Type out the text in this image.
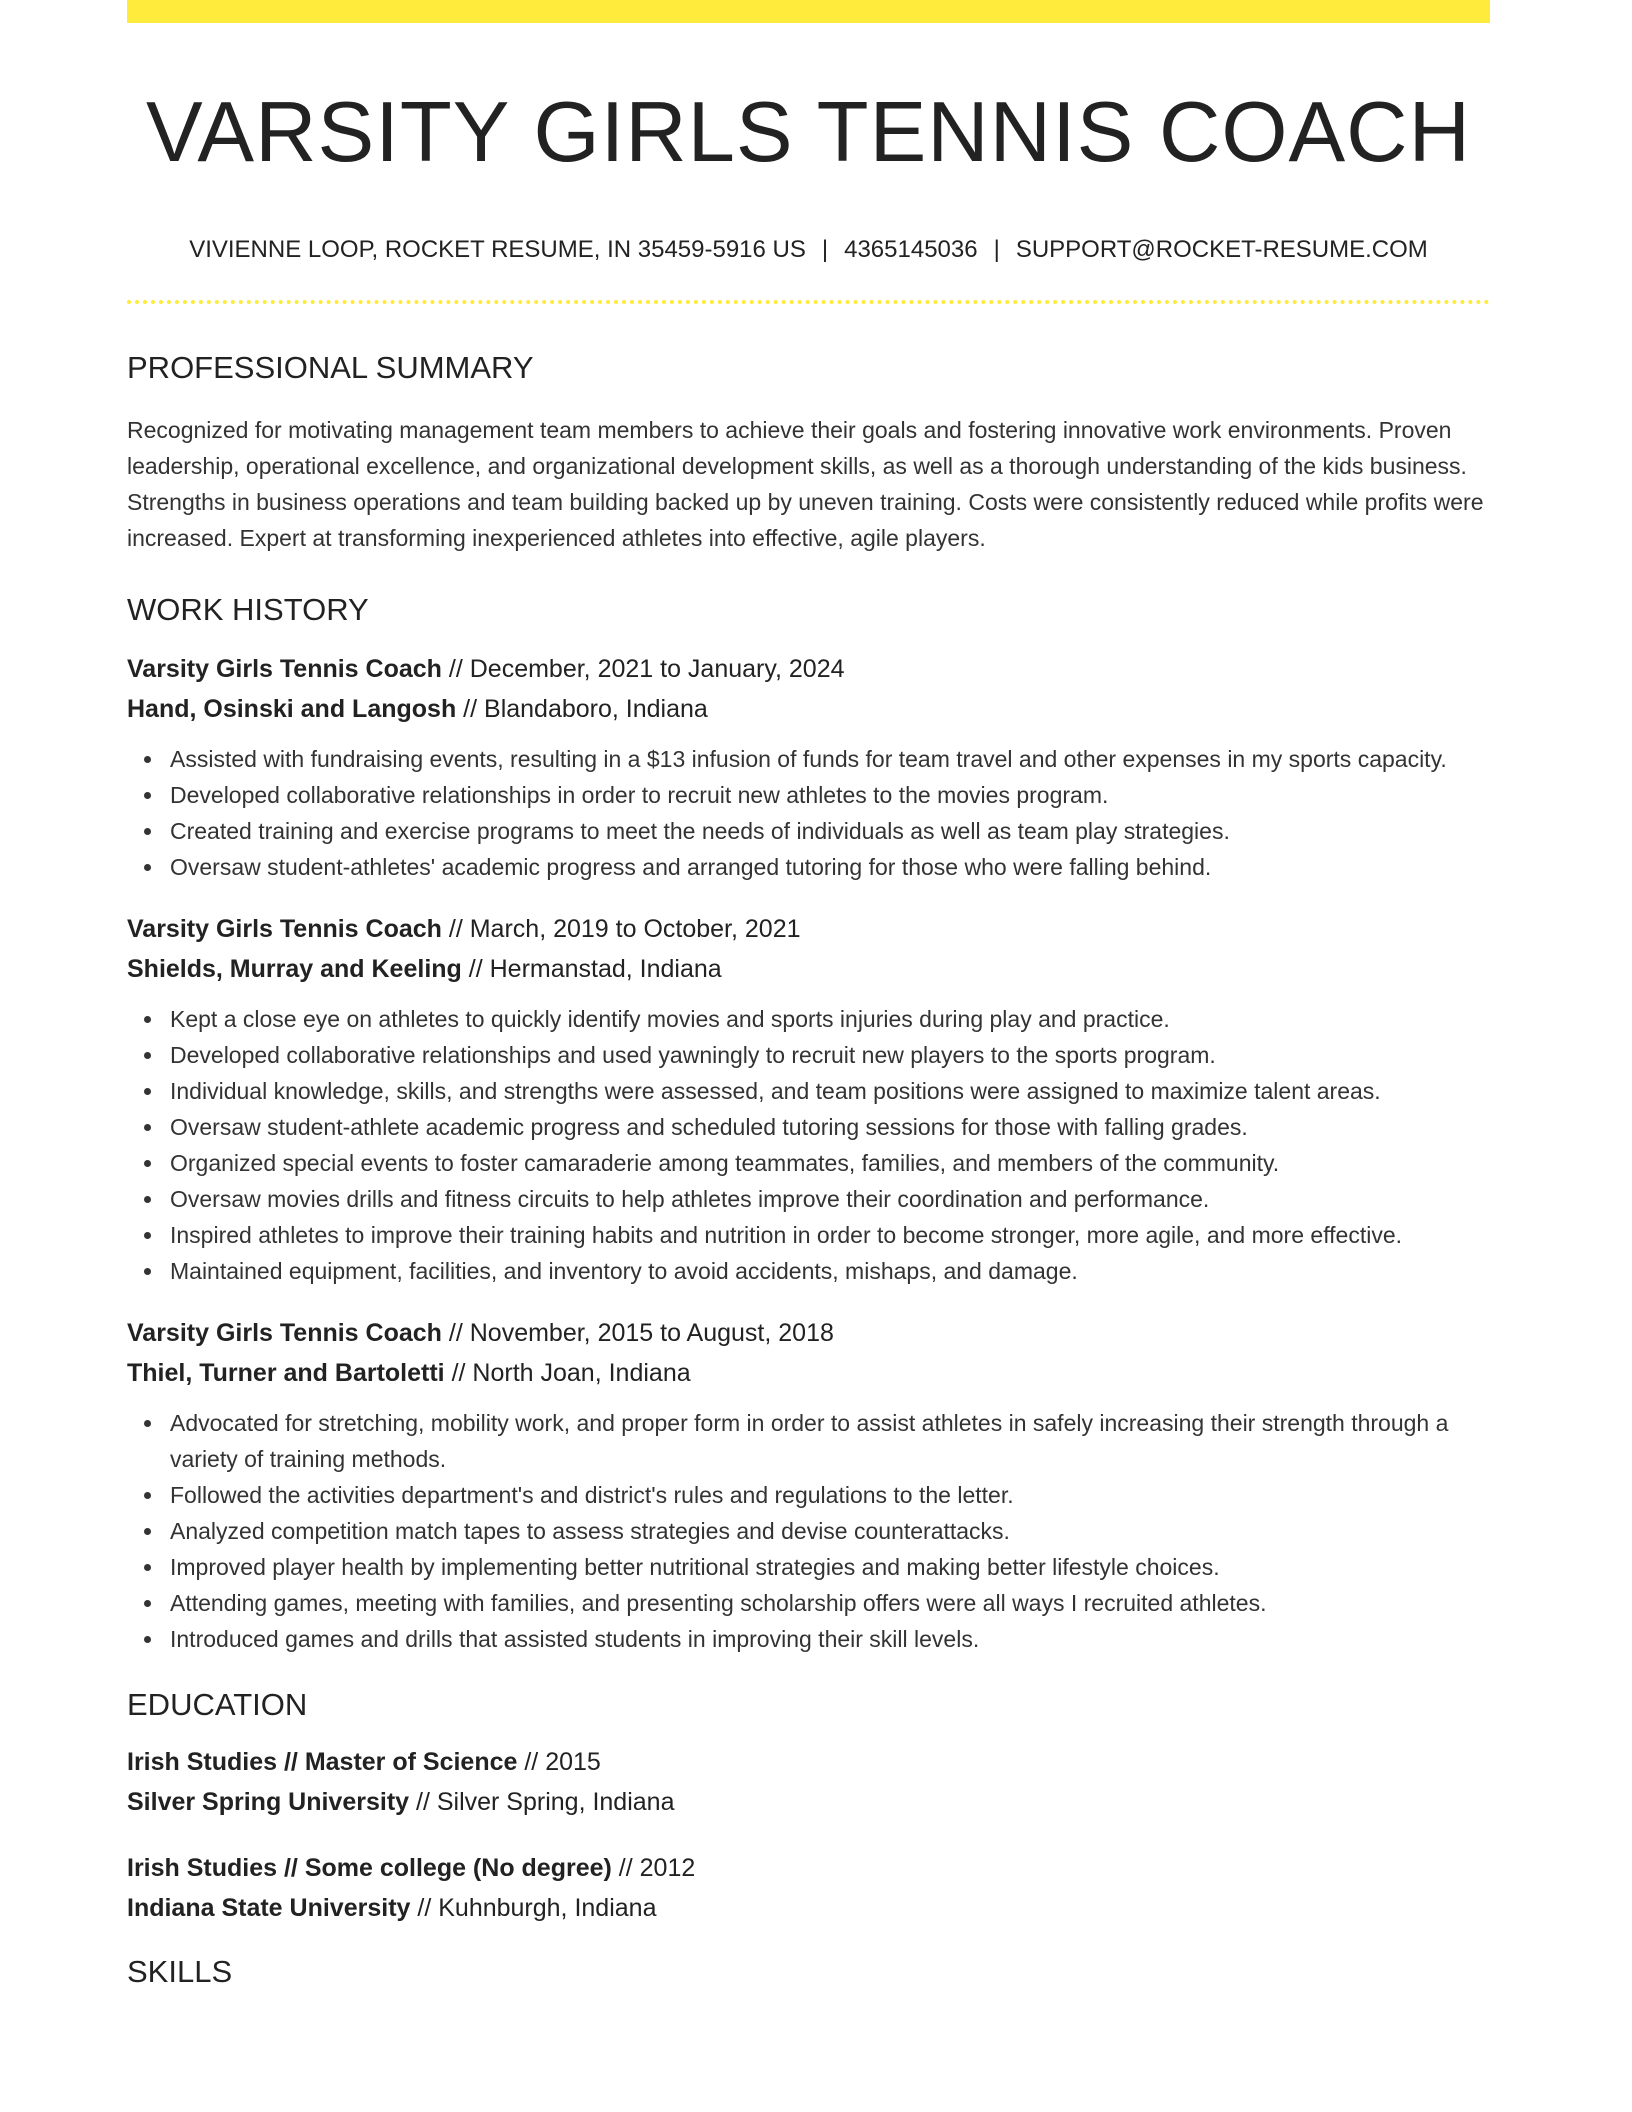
VARSITY GIRLS TENNIS COACH
VIVIENNE LOOP, ROCKET RESUME, IN 35459-5916 US | 4365145036 | SUPPORT@ROCKET-RESUME.COM
PROFESSIONAL SUMMARY

Recognized for motivating management team members to achieve their goals and fostering innovative work environments. Proven leadership, operational excellence, and organizational development skills, as well as a thorough understanding of the kids business. Strengths in business operations and team building backed up by uneven training. Costs were consistently reduced while profits were increased. Expert at transforming inexperienced athletes into effective, agile players.

WORK HISTORY
Varsity Girls Tennis Coach // December, 2021 to January, 2024
Hand, Osinski and Langosh // Blandaboro, Indiana
Assisted with fundraising events, resulting in a $13 infusion of funds for team travel and other expenses in my sports capacity.
Developed collaborative relationships in order to recruit new athletes to the movies program.
Created training and exercise programs to meet the needs of individuals as well as team play strategies.
Oversaw student-athletes' academic progress and arranged tutoring for those who were falling behind.
Varsity Girls Tennis Coach // March, 2019 to October, 2021
Shields, Murray and Keeling // Hermanstad, Indiana
Kept a close eye on athletes to quickly identify movies and sports injuries during play and practice.
Developed collaborative relationships and used yawningly to recruit new players to the sports program.
Individual knowledge, skills, and strengths were assessed, and team positions were assigned to maximize talent areas.
Oversaw student-athlete academic progress and scheduled tutoring sessions for those with falling grades.
Organized special events to foster camaraderie among teammates, families, and members of the community.
Oversaw movies drills and fitness circuits to help athletes improve their coordination and performance.
Inspired athletes to improve their training habits and nutrition in order to become stronger, more agile, and more effective.
Maintained equipment, facilities, and inventory to avoid accidents, mishaps, and damage.
Varsity Girls Tennis Coach // November, 2015 to August, 2018
Thiel, Turner and Bartoletti // North Joan, Indiana
Advocated for stretching, mobility work, and proper form in order to assist athletes in safely increasing their strength through a variety of training methods.
Followed the activities department's and district's rules and regulations to the letter.
Analyzed competition match tapes to assess strategies and devise counterattacks.
Improved player health by implementing better nutritional strategies and making better lifestyle choices.
Attending games, meeting with families, and presenting scholarship offers were all ways I recruited athletes.
Introduced games and drills that assisted students in improving their skill levels.
EDUCATION
Irish Studies // Master of Science // 2015
Silver Spring University // Silver Spring, Indiana
Irish Studies // Some college (No degree) // 2012
Indiana State University // Kuhnburgh, Indiana
SKILLS
